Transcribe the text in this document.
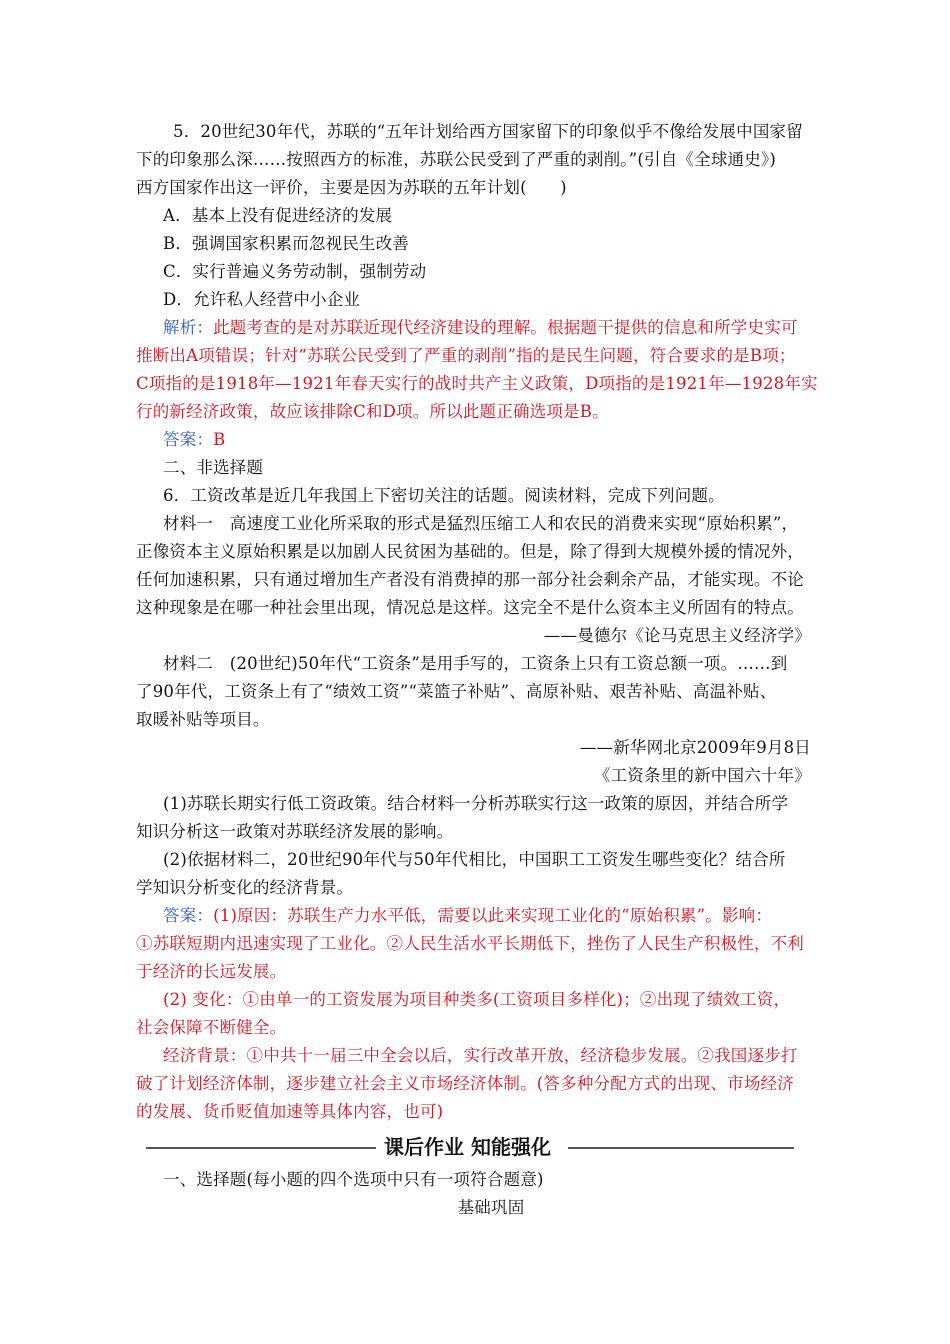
5．20世纪30年代，苏联的“五年计划给西方国家留下的印象似乎不像给发展中国家留
下的印象那么深……按照西方的标准，苏联公民受到了严重的剥削。”(引自《全球通史》)
西方国家作出这一评价，主要是因为苏联的五年计划(　　)
A．基本上没有促进经济的发展
B．强调国家积累而忽视民生改善
C．实行普遍义务劳动制，强制劳动
D．允许私人经营中小企业
解析：此题考查的是对苏联近现代经济建设的理解。根据题干提供的信息和所学史实可
推断出A项错误；针对“苏联公民受到了严重的剥削”指的是民生问题，符合要求的是B项；
C项指的是1918年—1921年春天实行的战时共产主义政策，D项指的是1921年—1928年实
行的新经济政策，故应该排除C和D项。所以此题正确选项是B。
答案：B
二、非选择题
6．工资改革是近几年我国上下密切关注的话题。阅读材料，完成下列问题。
材料一　高速度工业化所采取的形式是猛烈压缩工人和农民的消费来实现“原始积累”，
正像资本主义原始积累是以加剧人民贫困为基础的。但是，除了得到大规模外援的情况外，
任何加速积累，只有通过增加生产者没有消费掉的那一部分社会剩余产品，才能实现。不论
这种现象是在哪一种社会里出现，情况总是这样。这完全不是什么资本主义所固有的特点。
——曼德尔《论马克思主义经济学》
材料二　(20世纪)50年代“工资条”是用手写的，工资条上只有工资总额一项。……到
了90年代，工资条上有了“绩效工资”“菜篮子补贴”、高原补贴、艰苦补贴、高温补贴、
取暖补贴等项目。
——新华网北京2009年9月8日
《工资条里的新中国六十年》
(1)苏联长期实行低工资政策。结合材料一分析苏联实行这一政策的原因，并结合所学
知识分析这一政策对苏联经济发展的影响。
(2)依据材料二，20世纪90年代与50年代相比，中国职工工资发生哪些变化？结合所
学知识分析变化的经济背景。
答案：(1)原因：苏联生产力水平低，需要以此来实现工业化的“原始积累”。影响：
①苏联短期内迅速实现了工业化。②人民生活水平长期低下，挫伤了人民生产积极性，不利
于经济的长远发展。
(2) 变化：①由单一的工资发展为项目种类多(工资项目多样化)；②出现了绩效工资，
社会保障不断健全。
经济背景：①中共十一届三中全会以后，实行改革开放，经济稳步发展。②我国逐步打
破了计划经济体制，逐步建立社会主义市场经济体制。(答多种分配方式的出现、市场经济
的发展、货币贬值加速等具体内容，也可)
课后作业 知能强化
一、选择题(每小题的四个选项中只有一项符合题意)
基础巩固
